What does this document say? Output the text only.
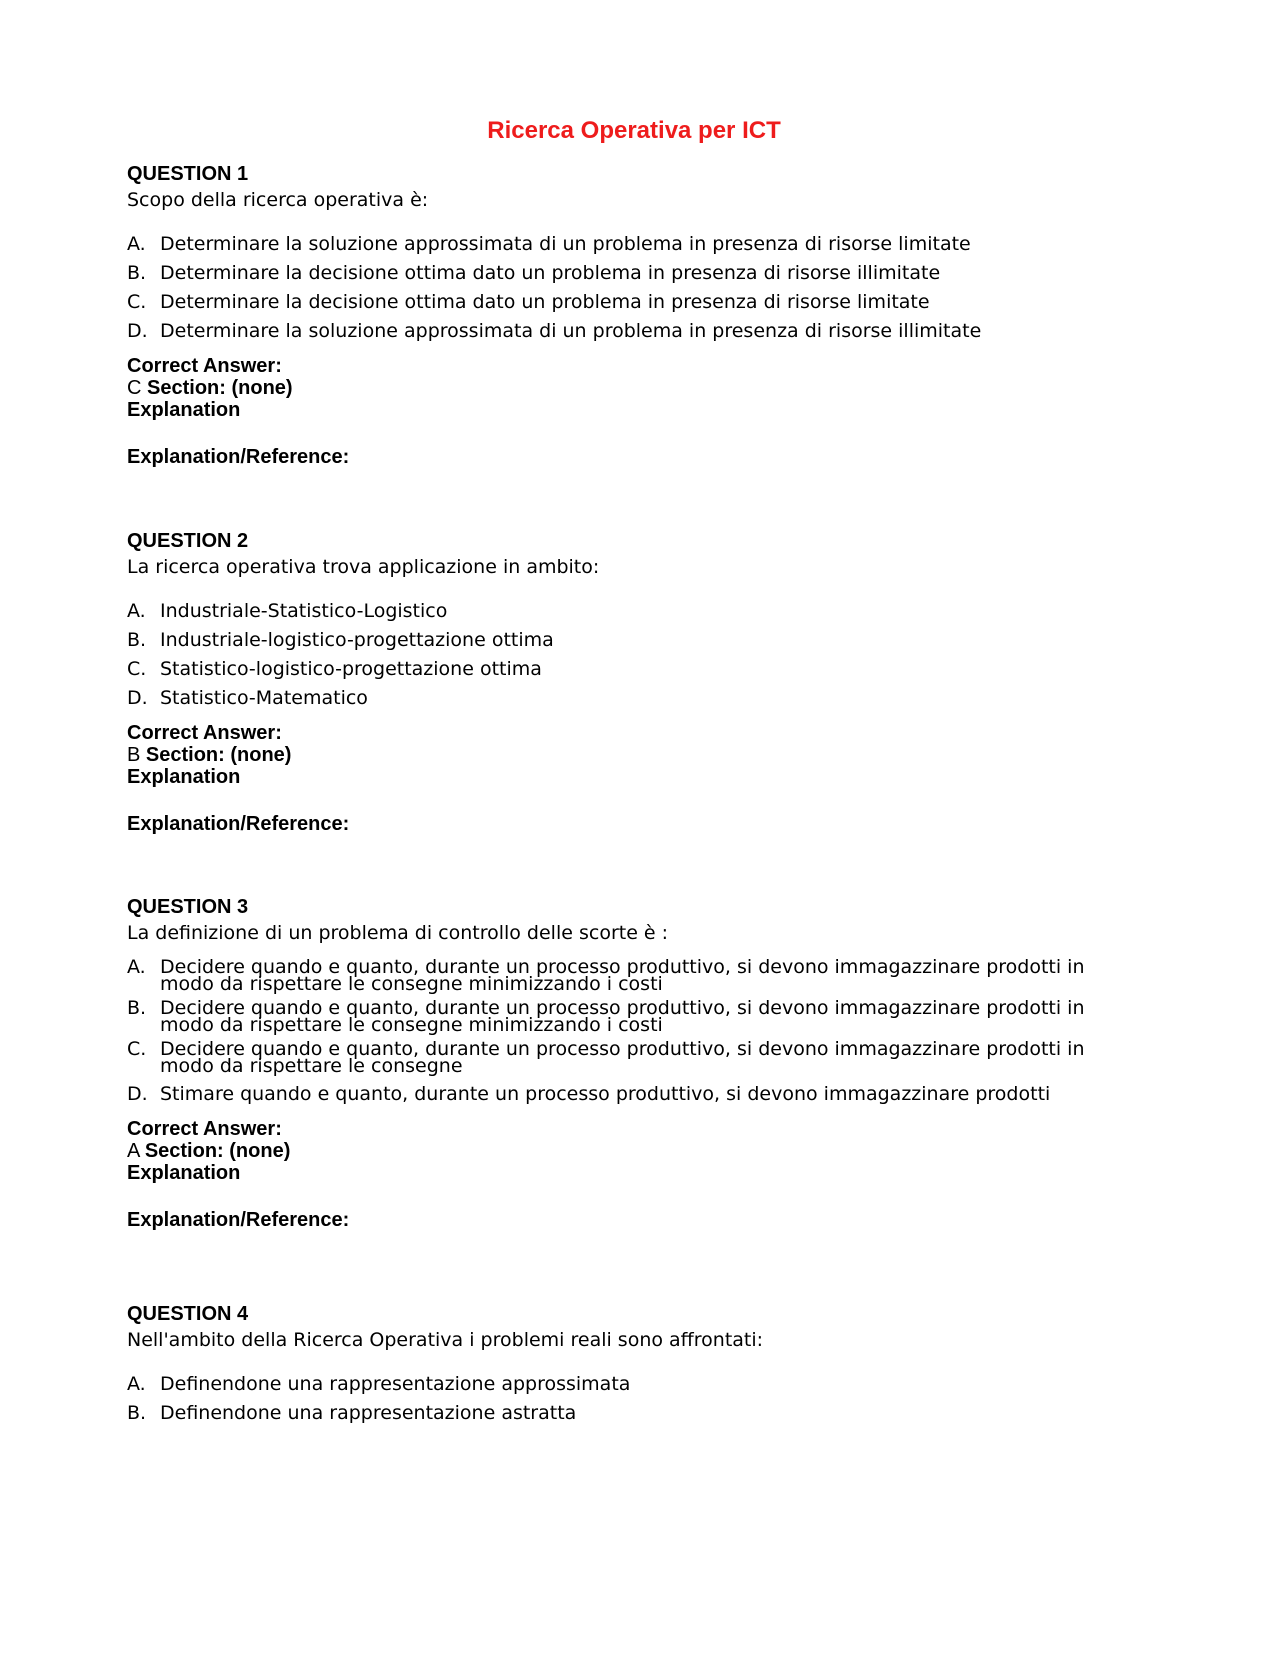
Ricerca Operativa per ICT
QUESTION 1
Scopo della ricerca operativa è:
A. Determinare la soluzione approssimata di un problema in presenza di risorse limitate
B. Determinare la decisione ottima dato un problema in presenza di risorse illimitate
C. Determinare la decisione ottima dato un problema in presenza di risorse limitate
D. Determinare la soluzione approssimata di un problema in presenza di risorse illimitate
Correct Answer:
C Section: (none)
Explanation
Explanation/Reference:
QUESTION 2
La ricerca operativa trova applicazione in ambito:
A. Industriale-Statistico-Logistico
B. Industriale-logistico-progettazione ottima
C. Statistico-logistico-progettazione ottima
D. Statistico-Matematico
Correct Answer:
B Section: (none)
Explanation
Explanation/Reference:
QUESTION 3
La definizione di un problema di controllo delle scorte è :
A. Decidere quando e quanto, durante un processo produttivo, si devono immagazzinare prodotti in modo da rispettare le consegne minimizzando i costi
B. Decidere quando e quanto, durante un processo produttivo, si devono immagazzinare prodotti in modo da rispettare le consegne minimizzando i costi
C. Decidere quando e quanto, durante un processo produttivo, si devono immagazzinare prodotti in modo da rispettare le consegne
D. Stimare quando e quanto, durante un processo produttivo, si devono immagazzinare prodotti
Correct Answer:
A Section: (none)
Explanation
Explanation/Reference:
QUESTION 4
Nell'ambito della Ricerca Operativa i problemi reali sono affrontati:
A. Definendone una rappresentazione approssimata
B. Definendone una rappresentazione astratta
